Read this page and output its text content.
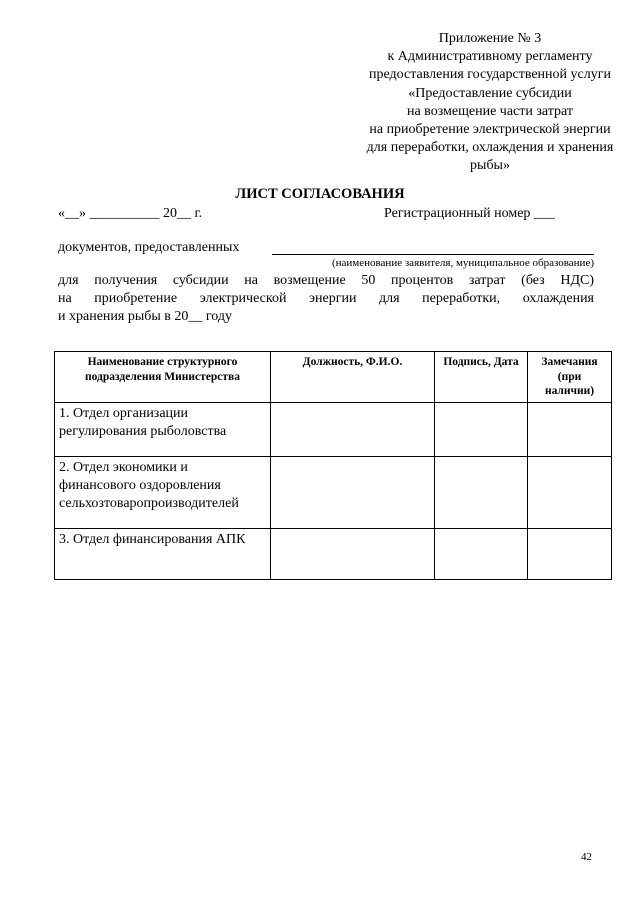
Приложение № 3
к Административному регламенту
предоставления государственной услуги
«Предоставление субсидии
на возмещение части затрат
на приобретение электрической энергии
для переработки, охлаждения и хранения
рыбы»
ЛИСТ СОГЛАСОВАНИЯ
«__» __________ 20__ г.	Регистрационный номер ___
документов, предоставленных
(наименование заявителя, муниципальное образование)
для получения субсидии на возмещение 50 процентов затрат (без НДС)
на приобретение электрической энергии для переработки, охлаждения
и хранения рыбы в 20__ году
Наименование структурного подразделения Министерства	Должность, Ф.И.О.	Подпись, Дата	Замечания (при наличии)
1. Отдел организации регулирования рыболовства			
2. Отдел экономики и финансового оздоровления сельхозтоваропроизводителей			
3. Отдел финансирования АПК			
42
